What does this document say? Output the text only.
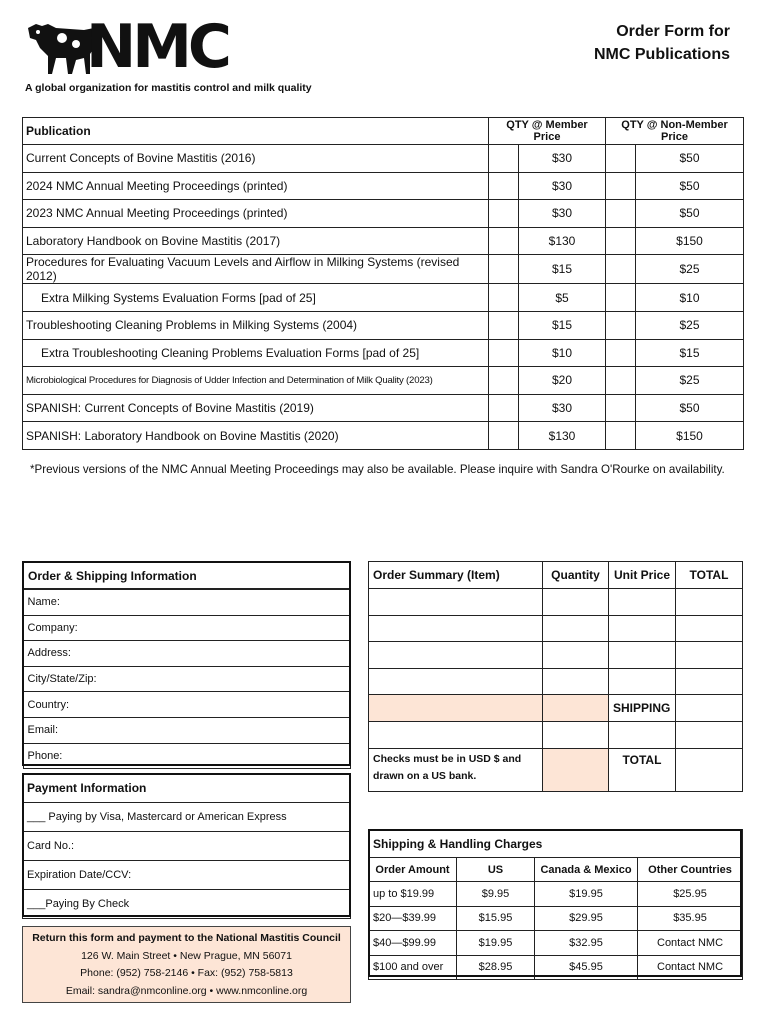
NMC
A global organization for mastitis control and milk quality
Order Form for
NMC Publications
Publication	QTY @ Member Price		QTY @ Non-Member Price	
Current Concepts of Bovine Mastitis (2016)		$30		$50
2024 NMC Annual Meeting Proceedings (printed)		$30		$50
2023 NMC Annual Meeting Proceedings (printed)		$30		$50
Laboratory Handbook on Bovine Mastitis (2017)		$130		$150
Procedures for Evaluating Vacuum Levels and Airflow in Milking Systems (revised 2012)		$15		$25
Extra Milking Systems Evaluation Forms [pad of 25]		$5		$10
Troubleshooting Cleaning Problems in Milking Systems (2004)		$15		$25
Extra Troubleshooting Cleaning Problems Evaluation Forms [pad of 25]		$10		$15
Microbiological Procedures for Diagnosis of Udder Infection and Determination of Milk Quality (2023)		$20		$25
SPANISH: Current Concepts of Bovine Mastitis (2019)		$30		$50
SPANISH: Laboratory Handbook on Bovine Mastitis (2020)		$130		$150
*Previous versions of the NMC Annual Meeting Proceedings may also be available. Please inquire with Sandra O'Rourke on availability.
Order & Shipping Information
Name:
Company:
Address:
City/State/Zip:
Country:
Email:
Phone:
Payment Information
___ Paying by Visa, Mastercard or American Express
Card No.:
Expiration Date/CCV:
___Paying By Check
Return this form and payment to the National Mastitis Council
126 W. Main Street • New Prague, MN 56071
Phone: (952) 758-2146 • Fax: (952) 758-5813
Email: sandra@nmconline.org • www.nmconline.org
Order Summary (Item)	Quantity	Unit Price	TOTAL

		SHIPPING	

Checks must be in USD $ and drawn on a US bank.		TOTAL	
Shipping & Handling Charges			
Order Amount	US	Canada & Mexico	Other Countries
up to $19.99	$9.95	$19.95	$25.95
$20—$39.99	$15.95	$29.95	$35.95
$40—$99.99	$19.95	$32.95	Contact NMC
$100 and over	$28.95	$45.95	Contact NMC
